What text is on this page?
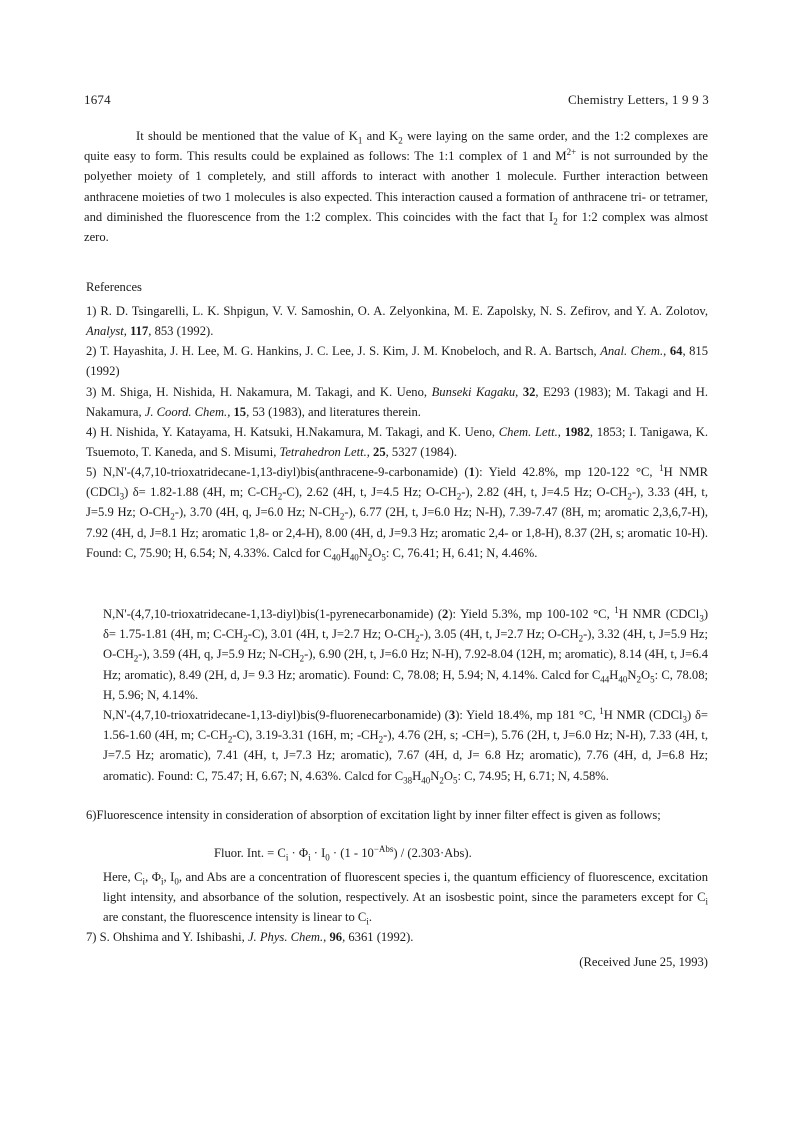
1674	Chemistry Letters, 1 9 9 3

It should be mentioned that the value of $K_1$ and $K_2$ were laying on the same order, and the 1:2 complexes are quite easy to form. This results could be explained as follows: The 1:1 complex of 1 and $M^{2+}$ is not surrounded by the polyether moiety of 1 completely, and still affords to interact with another 1 molecule. Further interaction between anthracene moieties of two 1 molecules is also expected. This interaction caused a formation of anthracene tri- or tetramer, and diminished the fluorescence from the 1:2 complex. This coincides with the fact that $I_2$ for 1:2 complex was almost zero.

References

1) R. D. Tsingarelli, L. K. Shpigun, V. V. Samoshin, O. A. Zelyonkina, M. E. Zapolsky, N. S. Zefirov, and Y. A. Zolotov, Analyst, 117, 853 (1992).

2) T. Hayashita, J. H. Lee, M. G. Hankins, J. C. Lee, J. S. Kim, J. M. Knobeloch, and R. A. Bartsch, Anal. Chem., 64, 815 (1992)

3) M. Shiga, H. Nishida, H. Nakamura, M. Takagi, and K. Ueno, Bunseki Kagaku, 32, E293 (1983); M. Takagi and H. Nakamura, J. Coord. Chem., 15, 53 (1983), and literatures therein.

4) H. Nishida, Y. Katayama, H. Katsuki, H.Nakamura, M. Takagi, and K. Ueno, Chem. Lett., 1982, 1853; I. Tanigawa, K. Tsuemoto, T. Kaneda, and S. Misumi, Tetrahedron Lett., 25, 5327 (1984).

5) N,N'-(4,7,10-trioxatridecane-1,13-diyl)bis(anthracene-9-carbonamide) (1): Yield 42.8%, mp 120-122 °C, $^1$H NMR (CDCl$_3$) δ= 1.82-1.88 (4H, m; $C-CH_2-C$), 2.62 (4H, t, J=4.5 Hz; $O-CH_2-$), 2.82 (4H, t, J=4.5 Hz; $O-CH_2-$), 3.33 (4H, t, J=5.9 Hz; $O-CH_2-$), 3.70 (4H, q, J=6.0 Hz; $N-CH_2-$), 6.77 (2H, t, J=6.0 Hz; N-H), 7.39-7.47 (8H, m; aromatic 2,3,6,7-H), 7.92 (4H, d, J=8.1 Hz; aromatic 1,8- or 2,4-H), 8.00 (4H, d, J=9.3 Hz; aromatic 2,4- or 1,8-H), 8.37 (2H, s; aromatic 10-H). Found: C, 75.90; H, 6.54; N, 4.33%. Calcd for $C_{40}H_{40}N_2O_5$: C, 76.41; H, 6.41; N, 4.46%.

N,N'-(4,7,10-trioxatridecane-1,13-diyl)bis(1-pyrenecarbonamide) (2): Yield 5.3%, mp 100-102 °C, $^1$H NMR (CDCl$_3$) δ= 1.75-1.81 (4H, m; $C-CH_2-C$), 3.01 (4H, t, J=2.7 Hz; $O-CH_2-$), 3.05 (4H, t, J=2.7 Hz; $O-CH_2-$), 3.32 (4H, t, J=5.9 Hz; $O-CH_2-$), 3.59 (4H, q, J=5.9 Hz; $N-CH_2-$), 6.90 (2H, t, J=6.0 Hz; N-H), 7.92-8.04 (12H, m; aromatic), 8.14 (4H, t, J=6.4 Hz; aromatic), 8.49 (2H, d, J= 9.3 Hz; aromatic). Found: C, 78.08; H, 5.94; N, 4.14%. Calcd for $C_{44}H_{40}N_2O_5$: C, 78.08; H, 5.96; N, 4.14%.

N,N'-(4,7,10-trioxatridecane-1,13-diyl)bis(9-fluorenecarbonamide) (3): Yield 18.4%, mp 181 °C, $^1$H NMR (CDCl$_3$) δ= 1.56-1.60 (4H, m; $C-CH_2-C$), 3.19-3.31 (16H, m; $-CH_2-$), 4.76 (2H, s; -CH=), 5.76 (2H, t, J=6.0 Hz; N-H), 7.33 (4H, t, J=7.5 Hz; aromatic), 7.41 (4H, t, J=7.3 Hz; aromatic), 7.67 (4H, d, J= 6.8 Hz; aromatic), 7.76 (4H, d, J=6.8 Hz; aromatic). Found: C, 75.47; H, 6.67; N, 4.63%. Calcd for $C_{38}H_{40}N_2O_5$: C, 74.95; H, 6.71; N, 4.58%.

6)Fluorescence intensity in consideration of absorption of excitation light by inner filter effect is given as follows;

Fluor. Int. = $C_i \cdot \Phi_i \cdot I_0 \cdot (1 - 10^{-Abs}) / (2.303\cdot Abs)$.

Here, $C_i$, $\Phi_i$, $I_0$, and Abs are a concentration of fluorescent species i, the quantum efficiency of fluorescence, excitation light intensity, and absorbance of the solution, respectively. At an isosbestic point, since the parameters except for $C_i$ are constant, the fluorescence intensity is linear to $C_i$.

7) S. Ohshima and Y. Ishibashi, J. Phys. Chem., 96, 6361 (1992).

(Received June 25, 1993)
